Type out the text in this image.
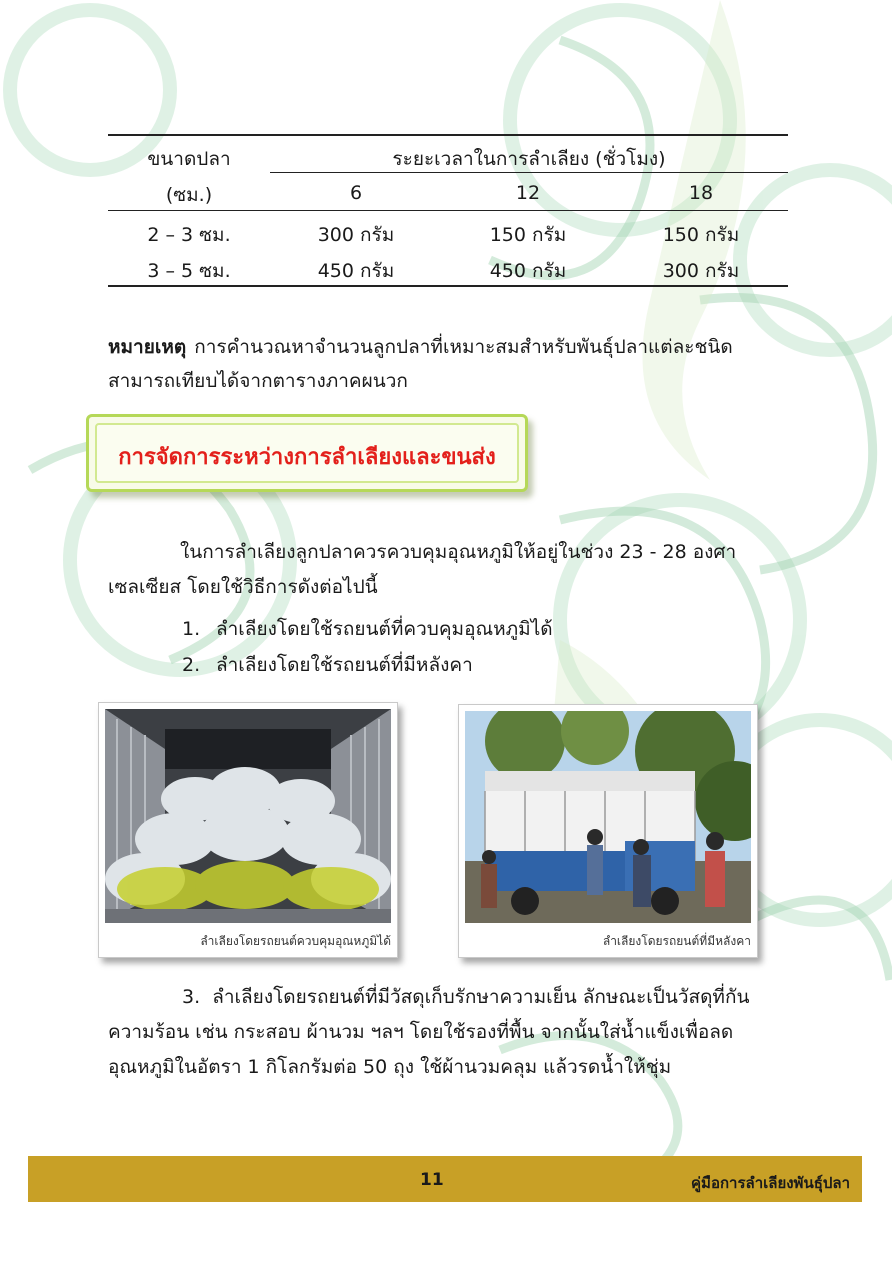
ขนาดปลา
(ซม.)
ระยะเวลาในการลำเลียง (ชั่วโมง)
6	12	18
2 – 3 ซม.	300 กรัม	150 กรัม	150 กรัม
3 – 5 ซม.	450 กรัม	450 กรัม	300 กรัม
หมายเหตุ การคำนวณหาจำนวนลูกปลาที่เหมาะสมสำหรับพันธุ์ปลาแต่ละชนิดสามารถเทียบได้จากตารางภาคผนวก
การจัดการระหว่างการลำเลียงและขนส่ง
ในการลำเลียงลูกปลาควรควบคุมอุณหภูมิให้อยู่ในช่วง 23 - 28 องศาเซลเซียส โดยใช้วิธีการดังต่อไปนี้
1. ลำเลียงโดยใช้รถยนต์ที่ควบคุมอุณหภูมิได้
2. ลำเลียงโดยใช้รถยนต์ที่มีหลังคา
ลำเลียงโดยรถยนต์ควบคุมอุณหภูมิได้	ลำเลียงโดยรถยนต์ที่มีหลังคา
3. ลำเลียงโดยรถยนต์ที่มีวัสดุเก็บรักษาความเย็น ลักษณะเป็นวัสดุที่กันความร้อน เช่น กระสอบ ผ้านวม ฯลฯ โดยใช้รองที่พื้น จากนั้นใส่น้ำแข็งเพื่อลดอุณหภูมิในอัตรา 1 กิโลกรัมต่อ 50 ถุง ใช้ผ้านวมคลุม แล้วรดน้ำให้ชุ่ม
11	คู่มือการลำเลียงพันธุ์ปลา
